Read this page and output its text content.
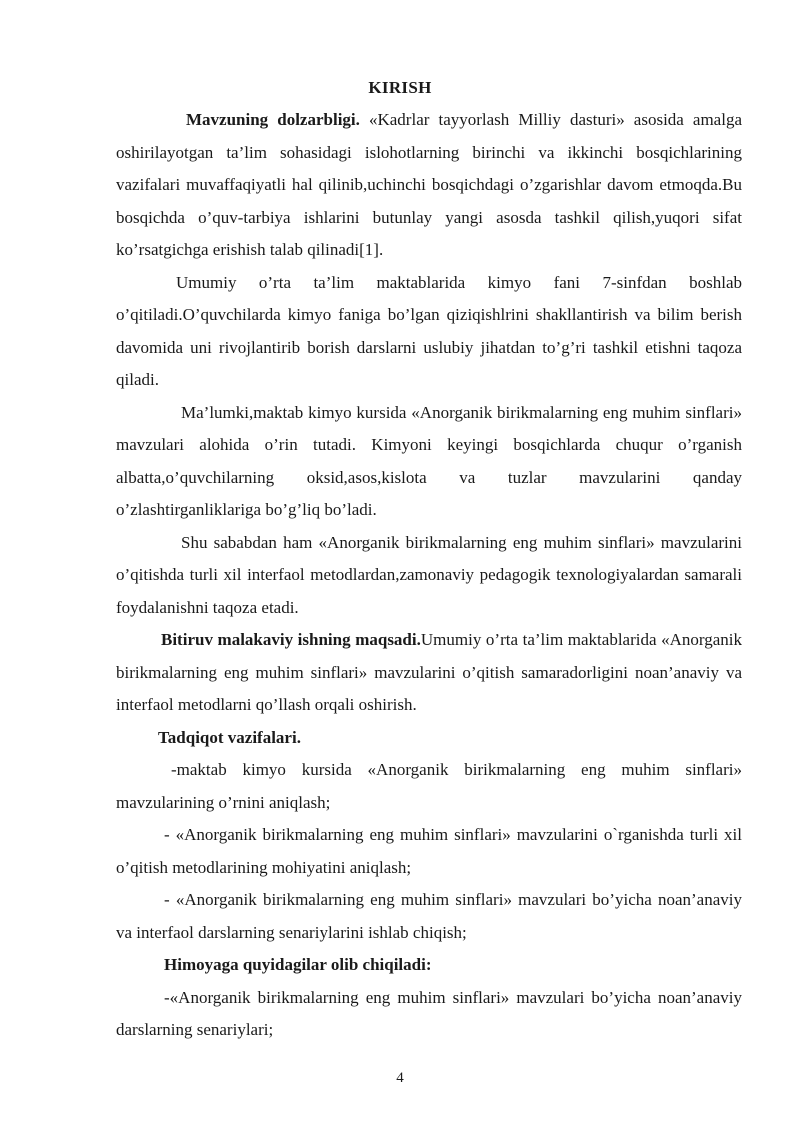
KIRISH

Mavzuning dolzarbligi. «Kadrlar tayyorlash Milliy dasturi» asosida amalga oshirilayotgan ta’lim sohasidagi islohotlarning birinchi va ikkinchi bosqichlarining vazifalari muvaffaqiyatli hal qilinib,uchinchi bosqichdagi o’zgarishlar davom etmoqda.Bu bosqichda o’quv-tarbiya ishlarini butunlay yangi asosda tashkil qilish,yuqori sifat ko’rsatgichga erishish talab qilinadi[1].

Umumiy o’rta ta’lim maktablarida kimyo fani 7-sinfdan boshlab o’qitiladi.O’quvchilarda kimyo faniga bo’lgan qiziqishlrini shakllantirish va bilim berish davomida uni rivojlantirib borish darslarni uslubiy jihatdan to’g’ri tashkil etishni taqoza qiladi.

Ma’lumki,maktab kimyo kursida «Anorganik birikmalarning eng muhim sinflari» mavzulari alohida o’rin tutadi. Kimyoni keyingi bosqichlarda chuqur o’rganish albatta,o’quvchilarning oksid,asos,kislota va tuzlar mavzularini qanday o’zlashtirganliklariga bo’g’liq bo’ladi.

Shu sababdan ham «Anorganik birikmalarning eng muhim sinflari» mavzularini o’qitishda turli xil interfaol metodlardan,zamonaviy pedagogik texnologiyalardan samarali foydalanishni taqoza etadi.

Bitiruv malakaviy ishning maqsadi.Umumiy o’rta ta’lim maktablarida «Anorganik birikmalarning eng muhim sinflari» mavzularini o’qitish samaradorligini noan’anaviy va interfaol metodlarni qo’llash orqali oshirish.

Tadqiqot vazifalari.

-maktab kimyo kursida «Anorganik birikmalarning eng muhim sinflari» mavzularining o’rnini aniqlash;

- «Anorganik birikmalarning eng muhim sinflari» mavzularini o`rganishda turli xil o’qitish metodlarining mohiyatini aniqlash;

- «Anorganik birikmalarning eng muhim sinflari» mavzulari bo’yicha noan’anaviy va interfaol darslarning senariylarini ishlab chiqish;

Himoyaga quyidagilar olib chiqiladi:

-«Anorganik birikmalarning eng muhim sinflari» mavzulari bo’yicha noan’anaviy darslarning senariylari;

4
